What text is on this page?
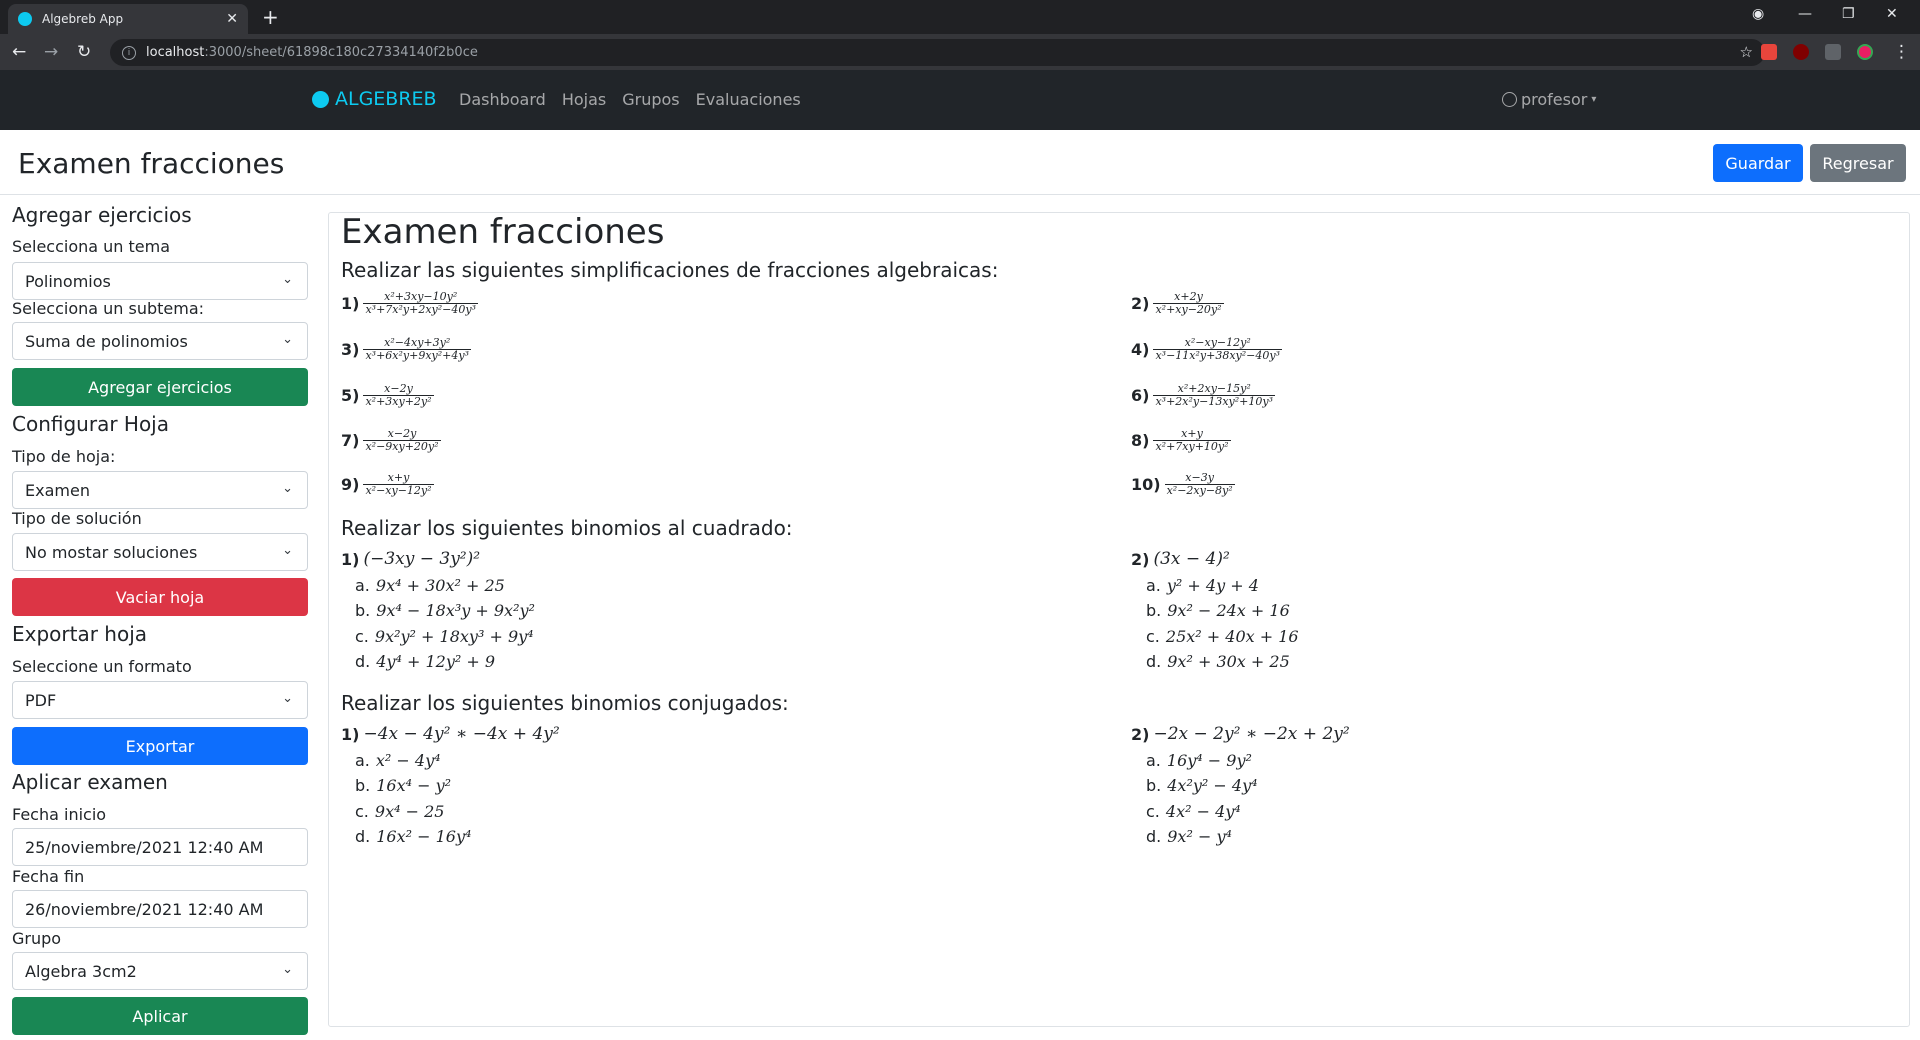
Algebreb App	✕ +	◉ — ❐ ✕
← → ↻	i	localhost :3000/sheet/61898c180c27334140f2b0ce	☆	⋮
ALGEBREB Dashboard Hojas Grupos Evaluaciones	profesor ▾
Examen fracciones	Guardar	Regresar
Agregar ejercicios
Selecciona un tema
Polinomios	⌄
Selecciona un subtema:
Suma de polinomios	⌄
Agregar ejercicios
Configurar Hoja
Tipo de hoja:
Examen	⌄
Tipo de solución
No mostar soluciones	⌄
Vaciar hoja
Exportar hoja
Seleccione un formato
PDF	⌄
Exportar
Aplicar examen
Fecha inicio
25/noviembre/2021 12:40 AM
Fecha fin
26/noviembre/2021 12:40 AM
Grupo
Algebra 3cm2	⌄
Aplicar
Examen fracciones
Realizar las siguientes simplificaciones de fracciones algebraicas:
$1) \frac{\text{x²+3xy−10y²}}{\text{x³+7x²y+2xy²−40y³}}$	$2) \frac{x+2y}{\text{x²+xy−20y²}}$
$3) \frac{\text{x²−4xy+3y²}}{\text{x³+6x²y+9xy²+4y³}}$	$4) \frac{\text{x²−xy−12y²}}{\text{x³−11x²y+38xy²−40y³}}$
$5) \frac{x-2y}{\text{x²+3xy+2y²}}$	$6) \frac{\text{x²+2xy−15y²}}{\text{x³+2x²y−13xy²+10y³}}$
$7) \frac{x-2y}{\text{x²−9xy+20y²}}$	$8) \frac{x+y}{\text{x²+7xy+10y²}}$
$9) \frac{x+y}{\text{x²−xy−12y²}}$	$10) \frac{x-3y}{\text{x²−2xy−8y²}}$
Realizar los siguientes binomios al cuadrado:
1) (−3xy − 3y²)²
a. 9x⁴ + 30x² + 25
b. 9x⁴ − 18x³y + 9x²y²
c. 9x²y² + 18xy³ + 9y⁴
d. 4y⁴ + 12y² + 9
2) (3x − 4)²
a. y² + 4y + 4
b. 9x² − 24x + 16
c. 25x² + 40x + 16
d. 9x² + 30x + 25
Realizar los siguientes binomios conjugados:
1) −4x − 4y² ∗ −4x + 4y²
a. x² − 4y⁴
b. 16x⁴ − y²
c. 9x⁴ − 25
d. 16x² − 16y⁴
2) −2x − 2y² ∗ −2x + 2y²
a. 16y⁴ − 9y²
b. 4x²y² − 4y⁴
c. 4x² − 4y⁴
d. 9x² − y⁴
